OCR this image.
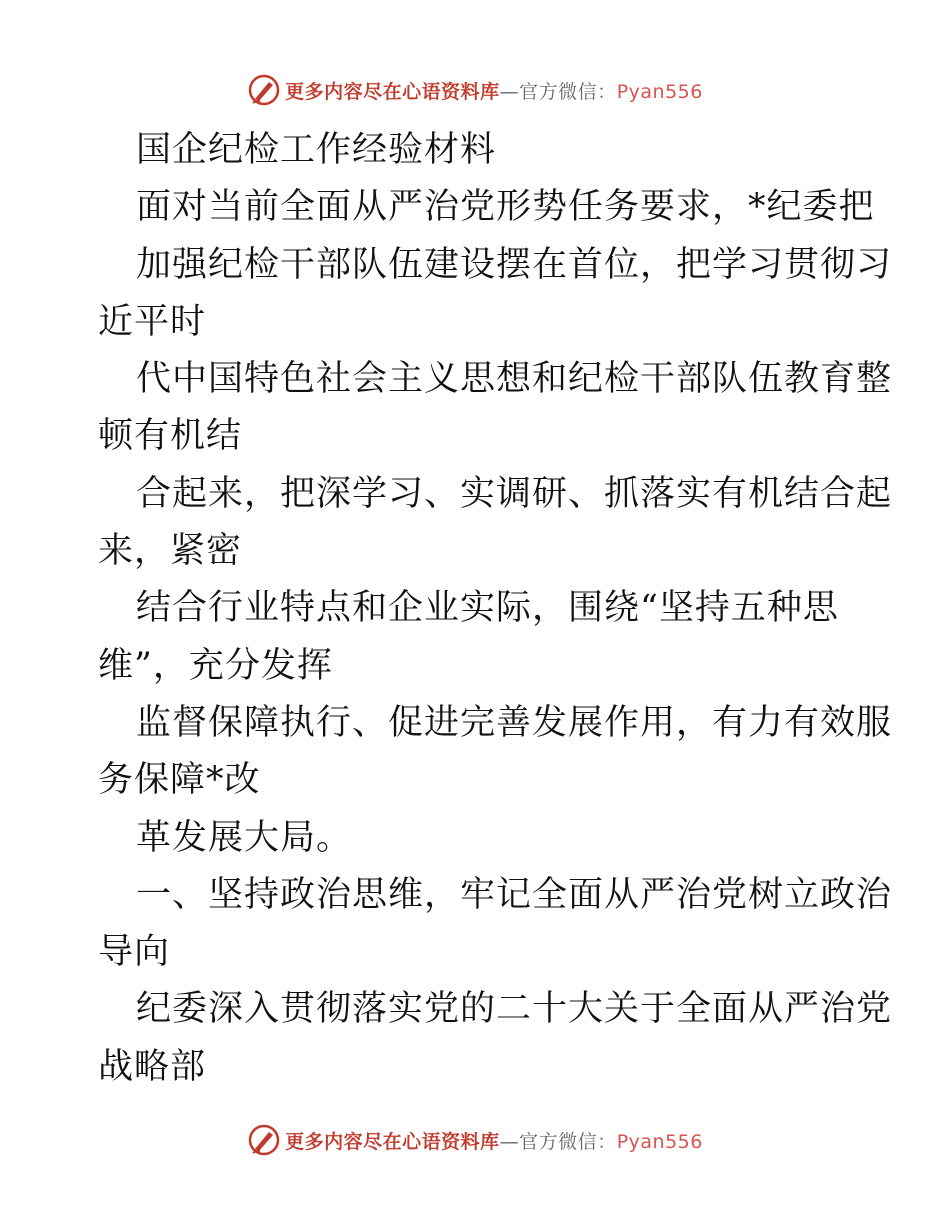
更多内容尽在心语资料库—官方微信：Pyan556
国企纪检工作经验材料
面对当前全面从严治党形势任务要求，*纪委把
加强纪检干部队伍建设摆在首位，把学习贯彻习
近平时
代中国特色社会主义思想和纪检干部队伍教育整
顿有机结
合起来，把深学习、实调研、抓落实有机结合起
来，紧密
结合行业特点和企业实际，围绕“坚持五种思
维”，充分发挥
监督保障执行、促进完善发展作用，有力有效服
务保障*改
革发展大局。
一、坚持政治思维，牢记全面从严治党树立政治
导向
纪委深入贯彻落实党的二十大关于全面从严治党
战略部
更多内容尽在心语资料库—官方微信：Pyan556
